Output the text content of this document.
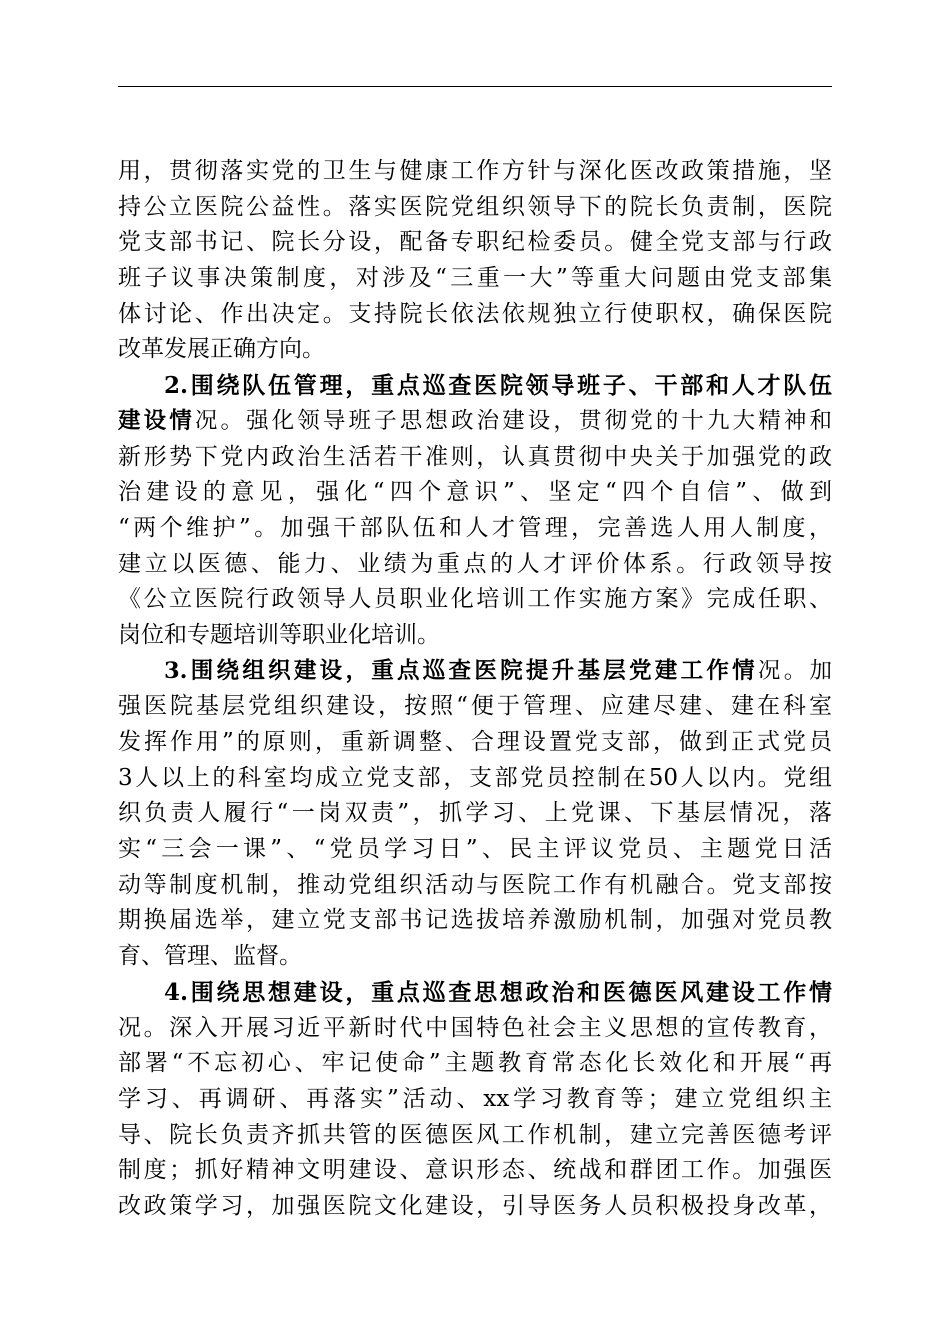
用，贯彻落实党的卫生与健康工作方针与深化医改政策措施，坚
持公立医院公益性。落实医院党组织领导下的院长负责制，医院
党支部书记、院长分设，配备专职纪检委员。健全党支部与行政
班子议事决策制度，对涉及“三重一大”等重大问题由党支部集
体讨论、作出决定。支持院长依法依规独立行使职权，确保医院
改革发展正确方向。
2.围绕队伍管理，重点巡查医院领导班子、干部和人才队伍
建设情况。强化领导班子思想政治建设，贯彻党的十九大精神和
新形势下党内政治生活若干准则，认真贯彻中央关于加强党的政
治建设的意见，强化“四个意识”、坚定“四个自信”、做到
“两个维护”。加强干部队伍和人才管理，完善选人用人制度，
建立以医德、能力、业绩为重点的人才评价体系。行政领导按
《公立医院行政领导人员职业化培训工作实施方案》完成任职、
岗位和专题培训等职业化培训。
3.围绕组织建设，重点巡查医院提升基层党建工作情况。加
强医院基层党组织建设，按照“便于管理、应建尽建、建在科室
发挥作用”的原则，重新调整、合理设置党支部，做到正式党员
3人以上的科室均成立党支部，支部党员控制在50人以内。党组
织负责人履行“一岗双责”，抓学习、上党课、下基层情况，落
实“三会一课”、“党员学习日”、民主评议党员、主题党日活
动等制度机制，推动党组织活动与医院工作有机融合。党支部按
期换届选举，建立党支部书记选拔培养激励机制，加强对党员教
育、管理、监督。
4.围绕思想建设，重点巡查思想政治和医德医风建设工作情
况。深入开展习近平新时代中国特色社会主义思想的宣传教育，
部署“不忘初心、牢记使命”主题教育常态化长效化和开展“再
学习、再调研、再落实”活动、xx学习教育等；建立党组织主
导、院长负责齐抓共管的医德医风工作机制，建立完善医德考评
制度；抓好精神文明建设、意识形态、统战和群团工作。加强医
改政策学习，加强医院文化建设，引导医务人员积极投身改革，
